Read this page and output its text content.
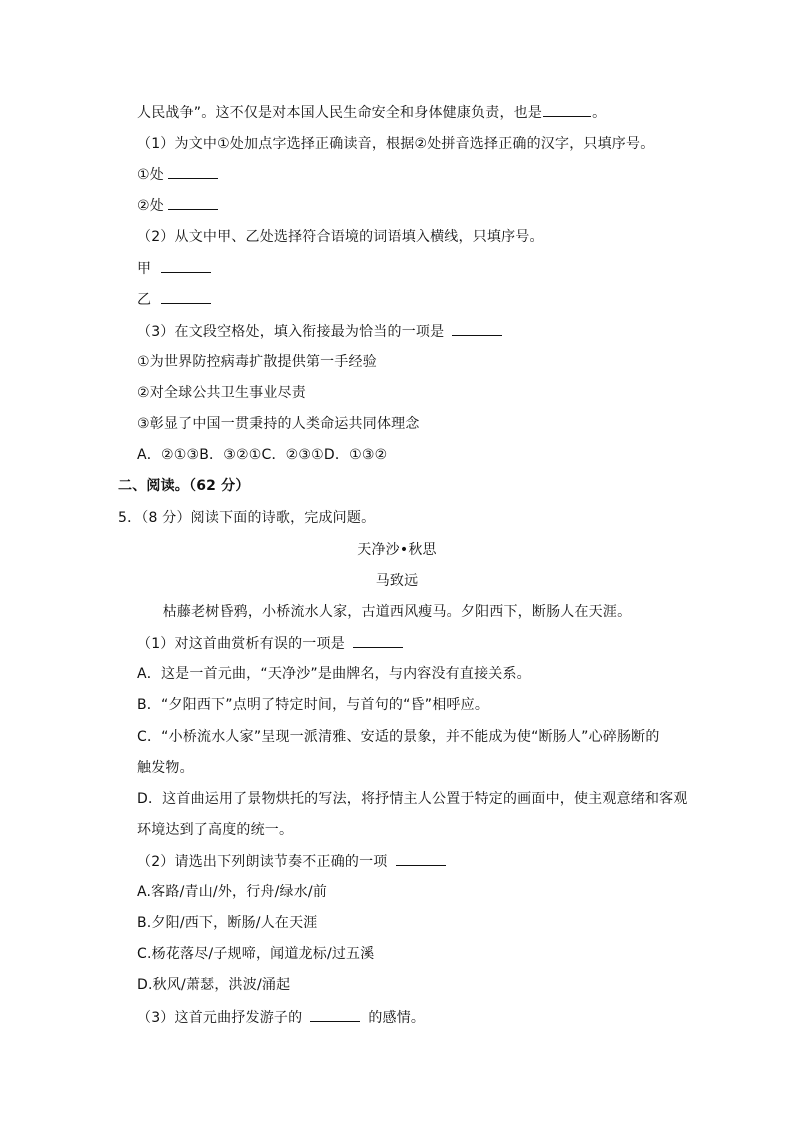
人民战争”。这不仅是对本国人民生命安全和身体健康负责，也是	。
（1）为文中①处加点字选择正确读音，根据②处拼音选择正确的汉字，只填序号。
①处
②处
（2）从文中甲、乙处选择符合语境的词语填入横线，只填序号。
甲
乙
（3）在文段空格处，填入衔接最为恰当的一项是
①为世界防控病毒扩散提供第一手经验
②对全球公共卫生事业尽责
③彰显了中国一贯秉持的人类命运共同体理念
A．②①③B．③②①C．②③①D．①③②
二、阅读。（62 分）
5．（8 分）阅读下面的诗歌，完成问题。
天净沙•秋思
马致远
枯藤老树昏鸦，小桥流水人家，古道西风瘦马。夕阳西下，断肠人在天涯。
（1）对这首曲赏析有误的一项是
A．这是一首元曲，“天净沙”是曲牌名，与内容没有直接关系。
B．“夕阳西下”点明了特定时间，与首句的“昏”相呼应。
C．“小桥流水人家”呈现一派清雅、安适的景象，并不能成为使“断肠人”心碎肠断的
触发物。
D．这首曲运用了景物烘托的写法，将抒情主人公置于特定的画面中，使主观意绪和客观
环境达到了高度的统一。
（2）请选出下列朗读节奏不正确的一项
A.客路/青山/外，行舟/绿水/前
B.夕阳/西下，断肠/人在天涯
C.杨花落尽/子规啼，闻道龙标/过五溪
D.秋风/萧瑟，洪波/涌起
（3）这首元曲抒发游子的	的感情。
